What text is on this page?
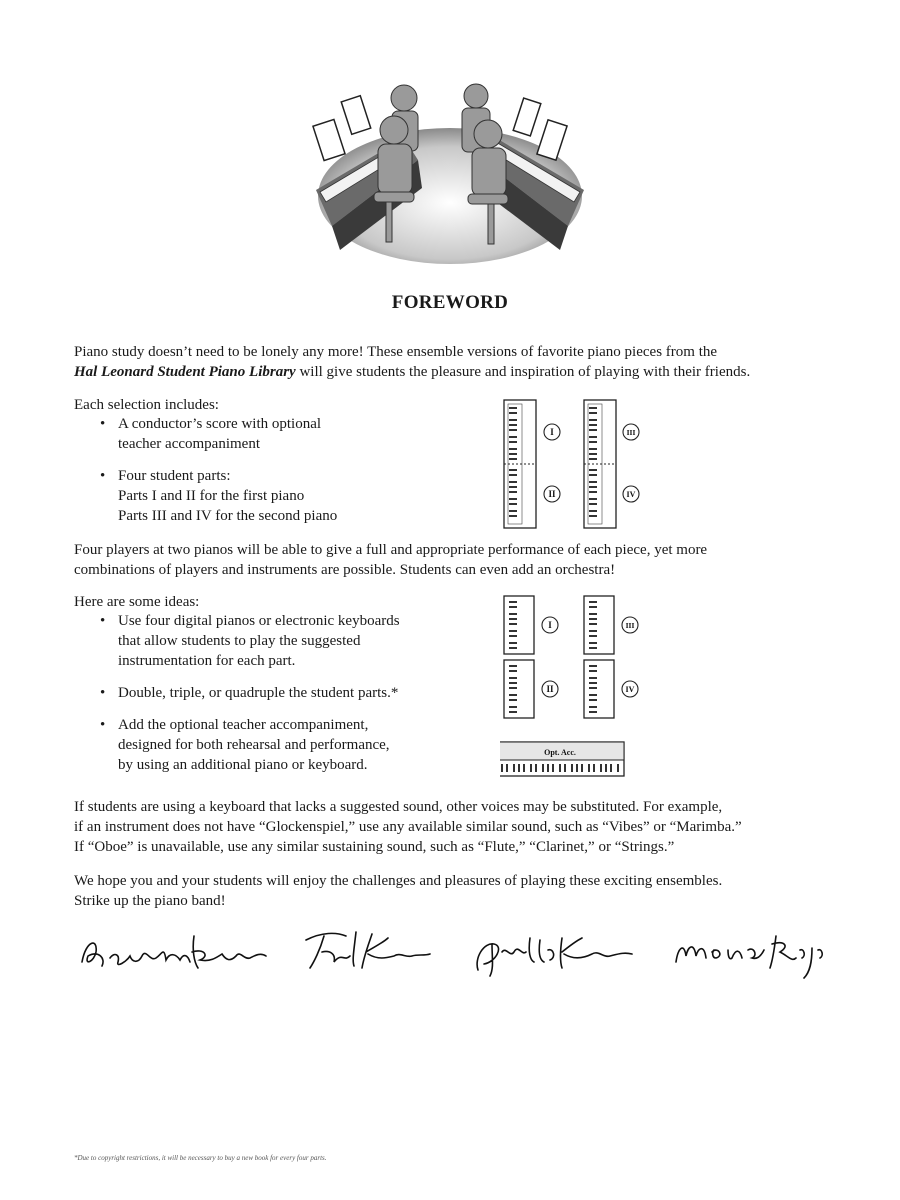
FOREWORD
Piano study doesn’t need to be lonely any more! These ensemble versions of favorite piano pieces from the
Hal Leonard Student Piano Library will give students the pleasure and inspiration of playing with their friends.
Each selection includes:
• A conductor’s score with optional
teacher accompaniment
• Four student parts:
Parts I and II for the first piano
Parts III and IV for the second piano
I
II
III
IV
Four players at two pianos will be able to give a full and appropriate performance of each piece, yet more
combinations of players and instruments are possible. Students can even add an orchestra!
Here are some ideas:
• Use four digital pianos or electronic keyboards
that allow students to play the suggested
instrumentation for each part.
• Double, triple, or quadruple the student parts.*
• Add the optional teacher accompaniment,
designed for both rehearsal and performance,
by using an additional piano or keyboard.
I
II
III
IV
Opt. Acc.
If students are using a keyboard that lacks a suggested sound, other voices may be substituted. For example,
if an instrument does not have “Glockenspiel,” use any available similar sound, such as “Vibes” or “Marimba.”
If “Oboe” is unavailable, use any similar sustaining sound, such as “Flute,” “Clarinet,” or “Strings.”
We hope you and your students will enjoy the challenges and pleasures of playing these exciting ensembles.
Strike up the piano band!
*Due to copyright restrictions, it will be necessary to buy a new book for every four parts.
